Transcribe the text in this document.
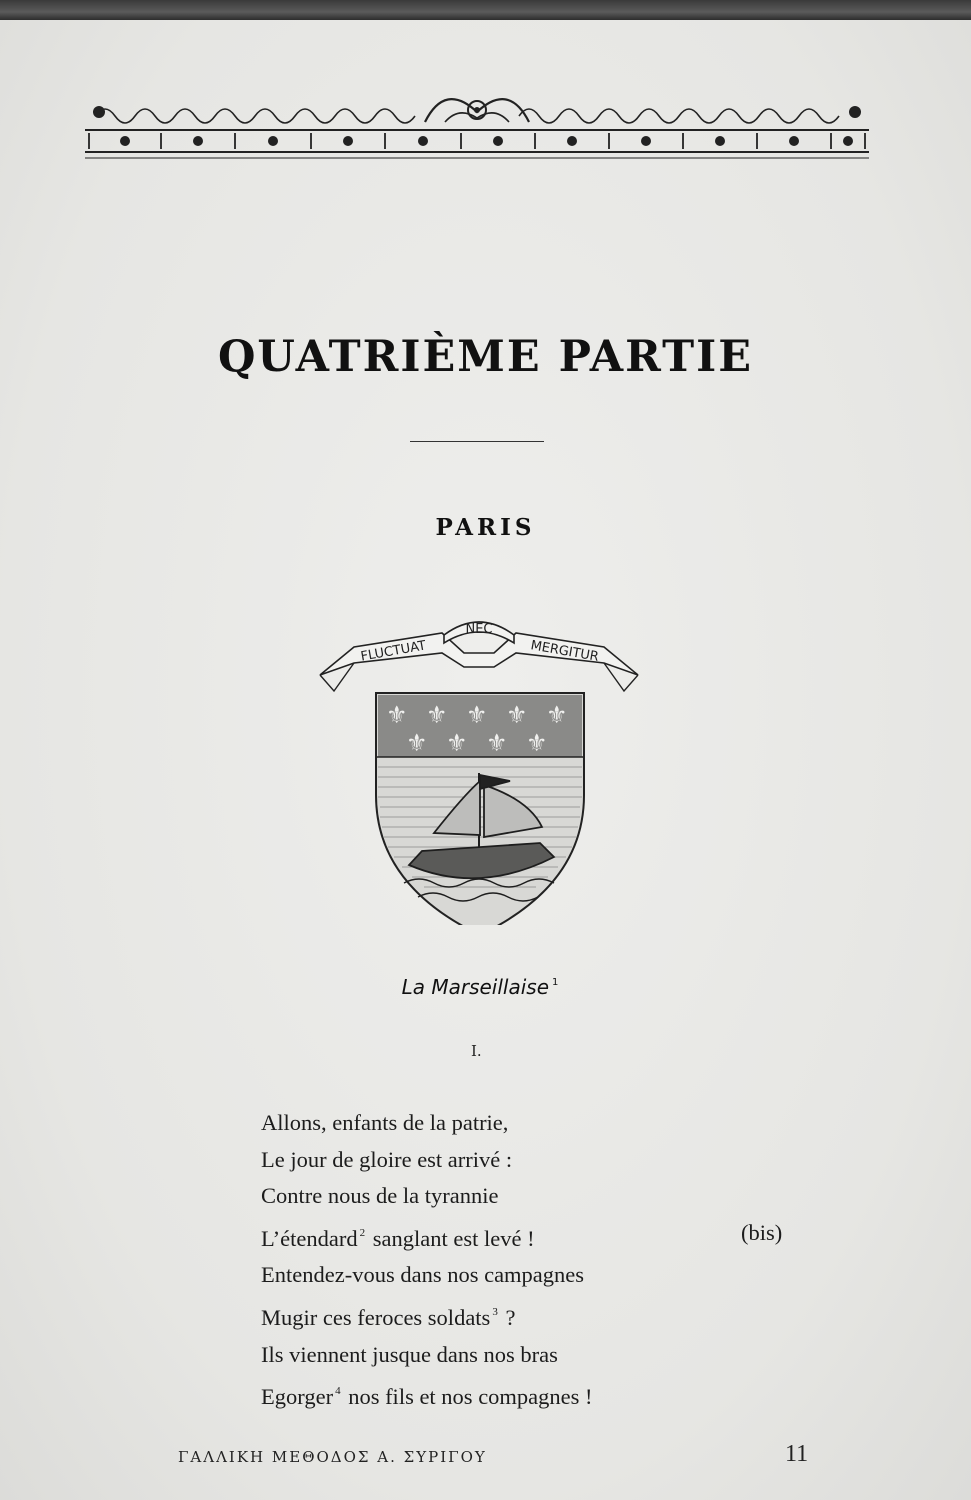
QUATRIÈME PARTIE
PARIS
FLUCTUAT
NEC
MERGITUR
⚜ ⚜ ⚜ ⚜ ⚜
⚜ ⚜ ⚜ ⚜
La Marseillaise $^1$
I.
Allons, enfants de la patrie,
Le jour de gloire est arrivé :
Contre nous de la tyrannie
L’étendard $^2$ sanglant est levé !	(bis)
Entendez-vous dans nos campagnes
Mugir ces feroces soldats $^3$ ?
Ils viennent jusque dans nos bras
Egorger $^4$ nos fils et nos compagnes !
ΓΑΛΛΙΚΗ ΜΕΘΟΔΟΣ Α. ΣΥΡΙΓΟΥ	11
